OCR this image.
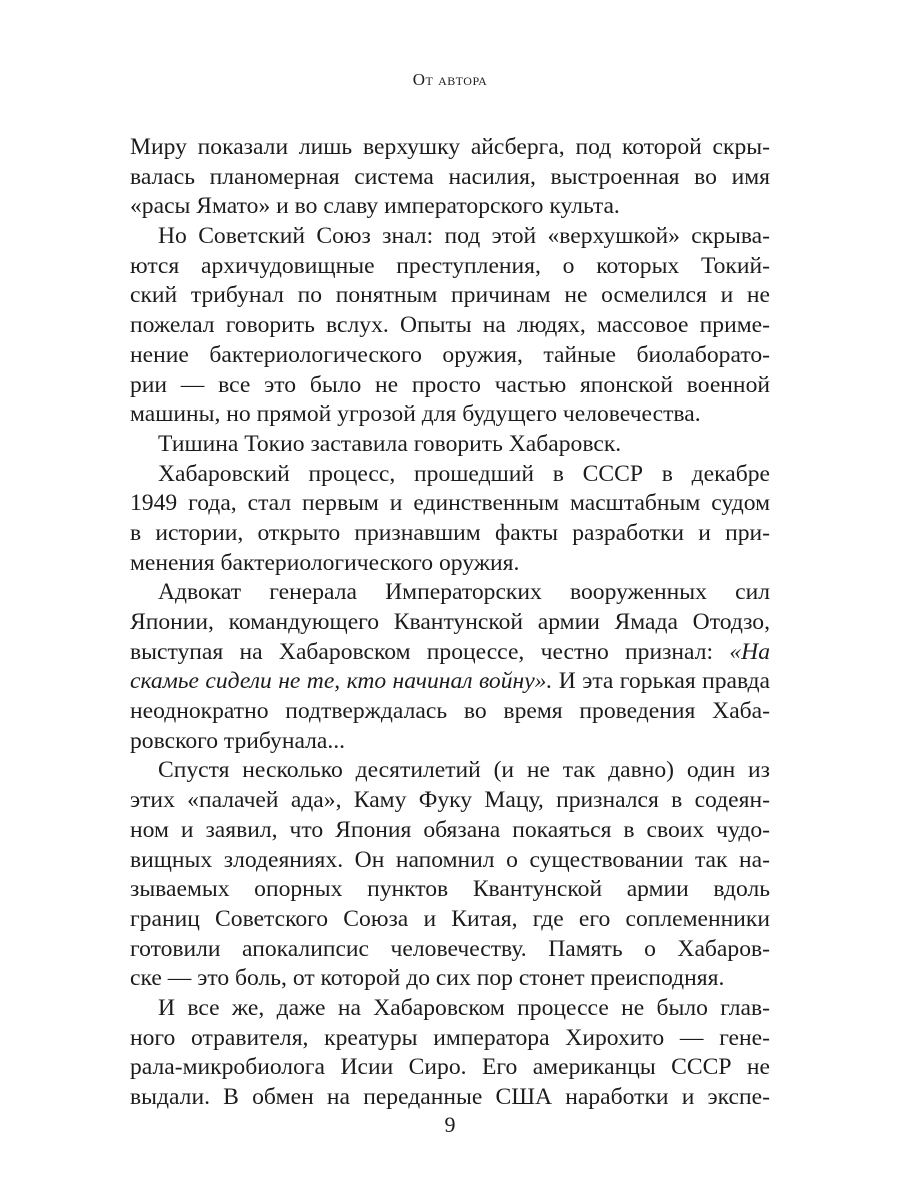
От автора
Миру показали лишь верхушку айсберга, под которой скры-
валась планомерная система насилия, выстроенная во имя
«расы Ямато» и во славу императорского культа.
Но Советский Союз знал: под этой «верхушкой» скрыва-
ются архичудовищные преступления, о которых Токий-
ский трибунал по понятным причинам не осмелился и не
пожелал говорить вслух. Опыты на людях, массовое приме-
нение бактериологического оружия, тайные биолаборато-
рии — все это было не просто частью японской военной
машины, но прямой угрозой для будущего человечества.
Тишина Токио заставила говорить Хабаровск.
Хабаровский процесс, прошедший в СССР в декабре
1949 года, стал первым и единственным масштабным судом
в истории, открыто признавшим факты разработки и при-
менения бактериологического оружия.
Адвокат генерала Императорских вооруженных сил
Японии, командующего Квантунской армии Ямада Отодзо,
выступая на Хабаровском процессе, честно признал: «На
скамье сидели не те, кто начинал войну». И эта горькая правда
неоднократно подтверждалась во время проведения Хаба-
ровского трибунала...
Спустя несколько десятилетий (и не так давно) один из
этих «палачей ада», Каму Фуку Мацу, признался в содеян-
ном и заявил, что Япония обязана покаяться в своих чудо-
вищных злодеяниях. Он напомнил о существовании так на-
зываемых опорных пунктов Квантунской армии вдоль
границ Советского Союза и Китая, где его соплеменники
готовили апокалипсис человечеству. Память о Хабаров-
ске — это боль, от которой до сих пор стонет преисподняя.
И все же, даже на Хабаровском процессе не было глав-
ного отравителя, креатуры императора Хирохито — гене-
рала-микробиолога Исии Сиро. Его американцы СССР не
выдали. В обмен на переданные США наработки и экспе-
9
